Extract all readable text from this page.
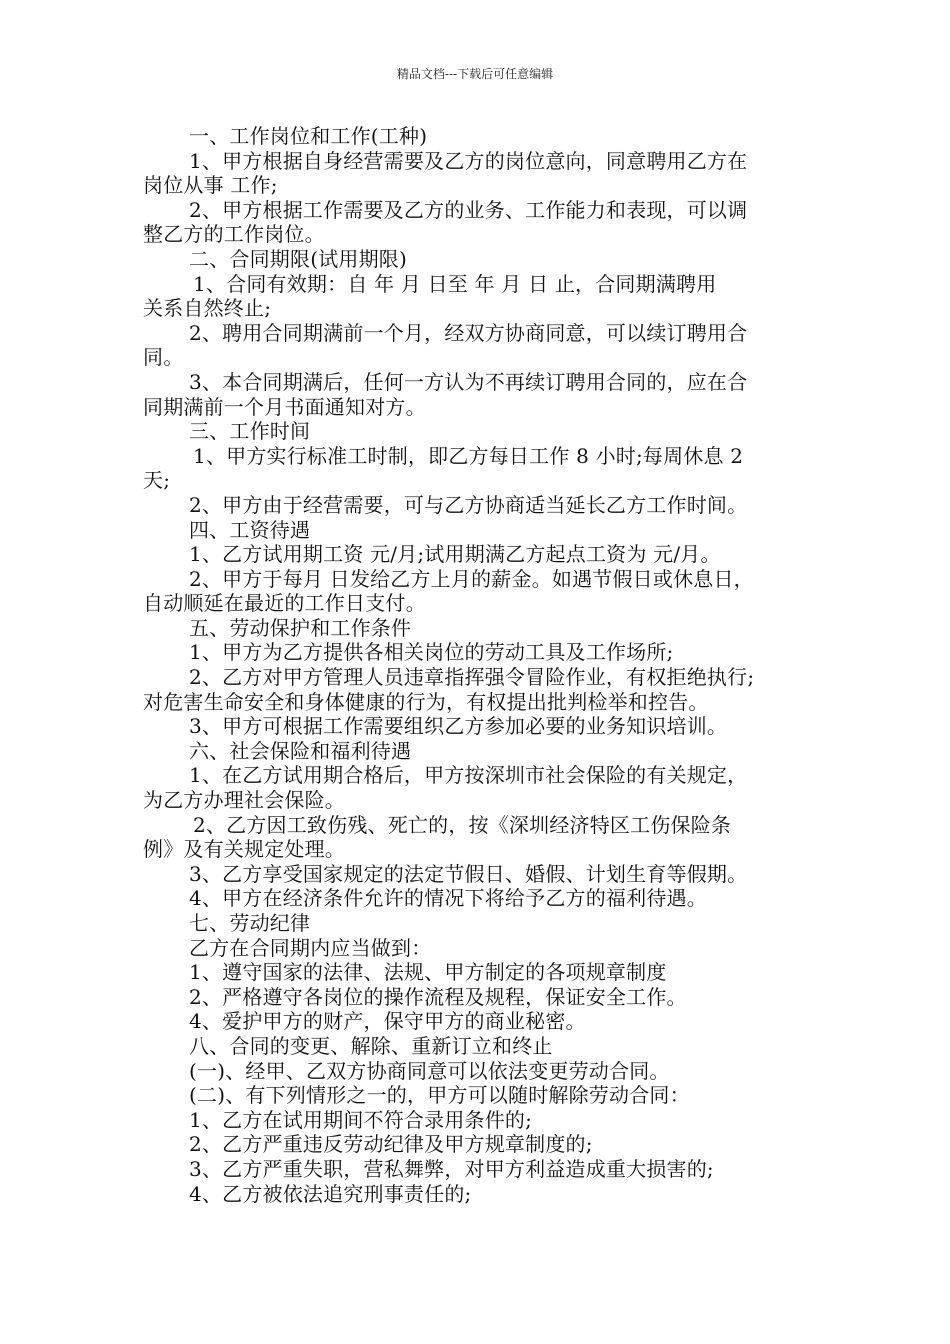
精品文档---下载后可任意编辑
一、工作岗位和工作(工种)
1、甲方根据自身经营需要及乙方的岗位意向，同意聘用乙方在
岗位从事 工作;
2、甲方根据工作需要及乙方的业务、工作能力和表现，可以调
整乙方的工作岗位。
二、合同期限(试用期限)
1、合同有效期：自 年 月 日至 年 月 日 止，合同期满聘用
关系自然终止;
2、聘用合同期满前一个月，经双方协商同意，可以续订聘用合
同。
3、本合同期满后，任何一方认为不再续订聘用合同的，应在合
同期满前一个月书面通知对方。
三、工作时间
1、甲方实行标准工时制，即乙方每日工作 8 小时;每周休息 2
天;
2、甲方由于经营需要，可与乙方协商适当延长乙方工作时间。
四、工资待遇
1、乙方试用期工资 元/月;试用期满乙方起点工资为 元/月。
2、甲方于每月 日发给乙方上月的薪金。如遇节假日或休息日，
自动顺延在最近的工作日支付。
五、劳动保护和工作条件
1、甲方为乙方提供各相关岗位的劳动工具及工作场所;
2、乙方对甲方管理人员违章指挥强令冒险作业，有权拒绝执行;
对危害生命安全和身体健康的行为，有权提出批判检举和控告。
3、甲方可根据工作需要组织乙方参加必要的业务知识培训。
六、社会保险和福利待遇
1、在乙方试用期合格后，甲方按深圳市社会保险的有关规定，
为乙方办理社会保险。
2、乙方因工致伤残、死亡的，按《深圳经济特区工伤保险条
例》及有关规定处理。
3、乙方享受国家规定的法定节假日、婚假、计划生育等假期。
4、甲方在经济条件允许的情况下将给予乙方的福利待遇。
七、劳动纪律
乙方在合同期内应当做到：
1、遵守国家的法律、法规、甲方制定的各项规章制度
2、严格遵守各岗位的操作流程及规程，保证安全工作。
4、爱护甲方的财产，保守甲方的商业秘密。
八、合同的变更、解除、重新订立和终止
(一)、经甲、乙双方协商同意可以依法变更劳动合同。
(二)、有下列情形之一的，甲方可以随时解除劳动合同：
1、乙方在试用期间不符合录用条件的;
2、乙方严重违反劳动纪律及甲方规章制度的;
3、乙方严重失职，营私舞弊，对甲方利益造成重大损害的;
4、乙方被依法追究刑事责任的;
